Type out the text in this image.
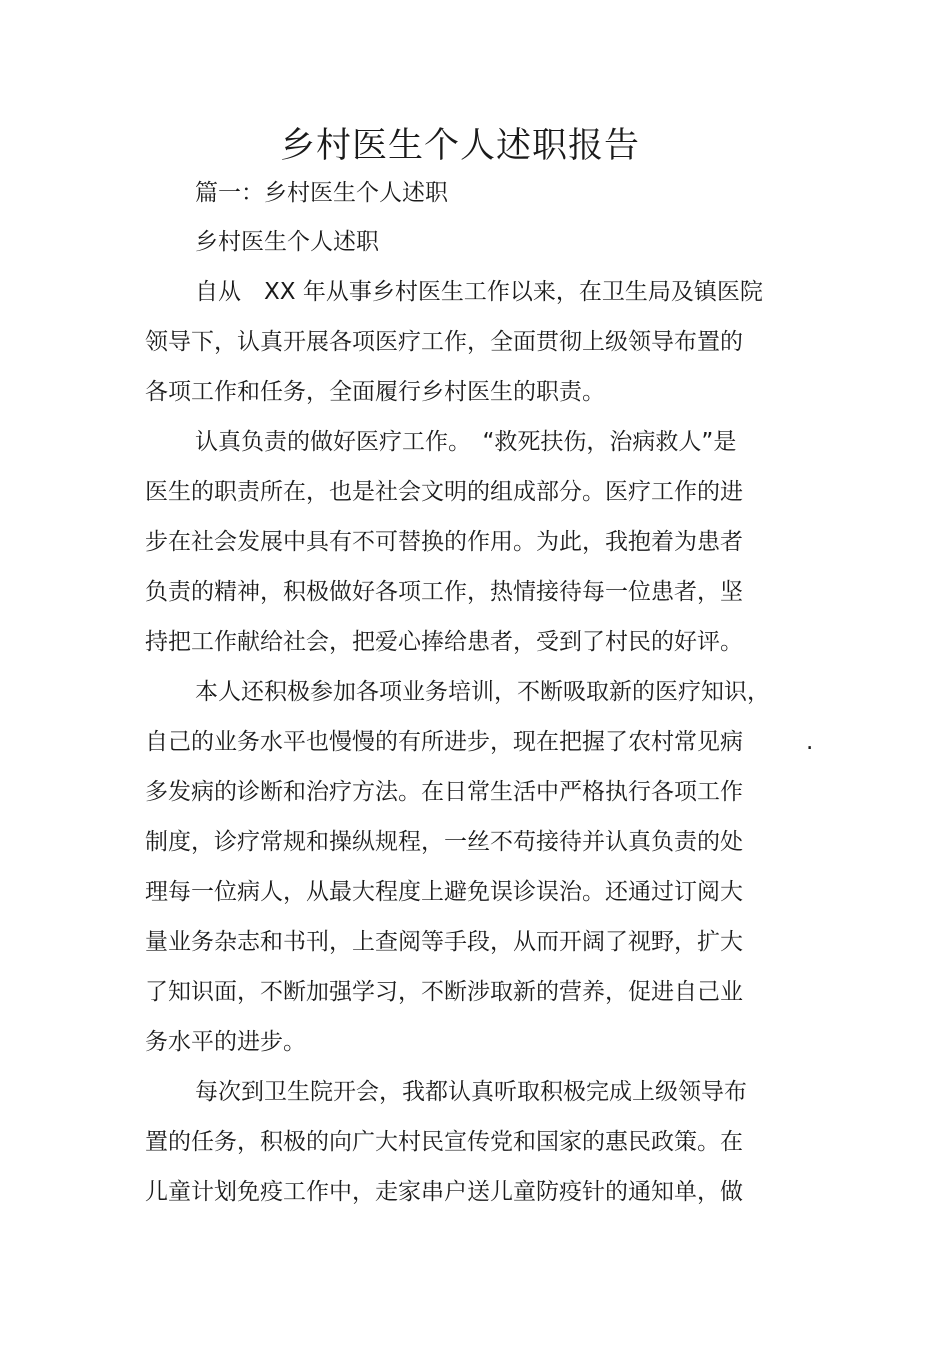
乡村医生个人述职报告

篇一：乡村医生个人述职

乡村医生个人述职

自从　XX 年从事乡村医生工作以来，在卫生局及镇医院

领导下，认真开展各项医疗工作，全面贯彻上级领导布置的

各项工作和任务，全面履行乡村医生的职责。

认真负责的做好医疗工作。　“救死扶伤，治病救人”是

医生的职责所在，也是社会文明的组成部分。医疗工作的进

步在社会发展中具有不可替换的作用。为此，我抱着为患者

负责的精神，积极做好各项工作，热情接待每一位患者，坚

持把工作献给社会，把爱心捧给患者，受到了村民的好评。

本人还积极参加各项业务培训，不断吸取新的医疗知识，

自己的业务水平也慢慢的有所进步，现在把握了农村常见病

多发病的诊断和治疗方法。在日常生活中严格执行各项工作

制度，诊疗常规和操纵规程，一丝不苟接待并认真负责的处

理每一位病人，从最大程度上避免误诊误治。还通过订阅大

量业务杂志和书刊，上查阅等手段，从而开阔了视野，扩大

了知识面，不断加强学习，不断涉取新的营养，促进自己业

务水平的进步。

每次到卫生院开会，我都认真听取积极完成上级领导布

置的任务，积极的向广大村民宣传党和国家的惠民政策。在

儿童计划免疫工作中，走家串户送儿童防疫针的通知单，做

.
